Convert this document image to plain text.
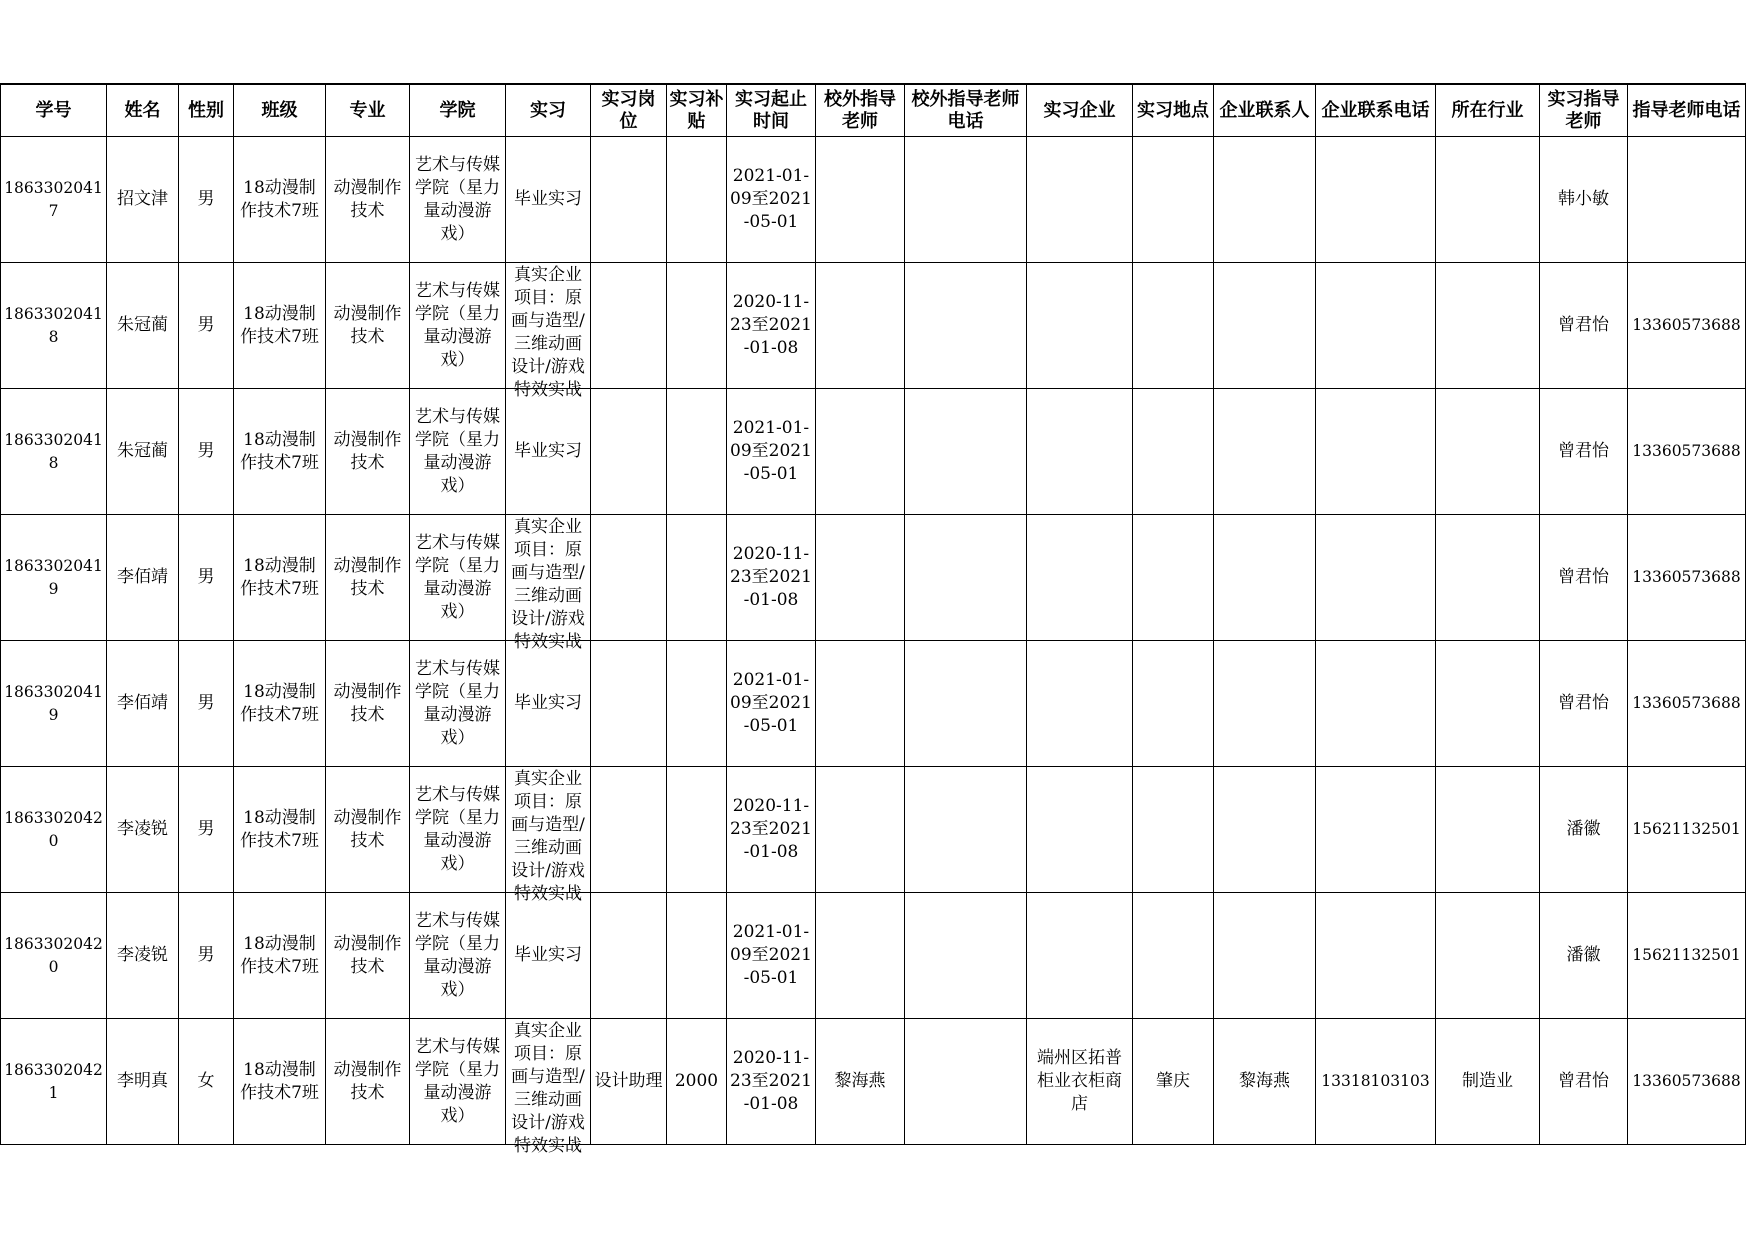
学号	姓名	性别	班级	专业	学院	实习	实习岗位	实习补贴	实习起止时间	校外指导老师	校外指导老师电话	实习企业	实习地点	企业联系人	企业联系电话	所在行业	实习指导老师	指导老师电话

18633020417	招文津	男	18动漫制作技术7班	动漫制作技术	艺术与传媒学院（星力量动漫游戏）	毕业实习			2021-01-09至2021-05-01								韩小敏	

18633020418	朱冠蔺	男	18动漫制作技术7班	动漫制作技术	艺术与传媒学院（星力量动漫游戏）	真实企业项目：原画与造型/三维动画设计/游戏特效实战			2020-11-23至2021-01-08								曾君怡	13360573688

18633020418	朱冠蔺	男	18动漫制作技术7班	动漫制作技术	艺术与传媒学院（星力量动漫游戏）	毕业实习			2021-01-09至2021-05-01								曾君怡	13360573688

18633020419	李佰靖	男	18动漫制作技术7班	动漫制作技术	艺术与传媒学院（星力量动漫游戏）	真实企业项目：原画与造型/三维动画设计/游戏特效实战			2020-11-23至2021-01-08								曾君怡	13360573688

18633020419	李佰靖	男	18动漫制作技术7班	动漫制作技术	艺术与传媒学院（星力量动漫游戏）	毕业实习			2021-01-09至2021-05-01								曾君怡	13360573688

18633020420	李凌锐	男	18动漫制作技术7班	动漫制作技术	艺术与传媒学院（星力量动漫游戏）	真实企业项目：原画与造型/三维动画设计/游戏特效实战			2020-11-23至2021-01-08								潘徽	15621132501

18633020420	李凌锐	男	18动漫制作技术7班	动漫制作技术	艺术与传媒学院（星力量动漫游戏）	毕业实习			2021-01-09至2021-05-01								潘徽	15621132501

18633020421	李明真	女	18动漫制作技术7班	动漫制作技术	艺术与传媒学院（星力量动漫游戏）	真实企业项目：原画与造型/三维动画设计/游戏特效实战	设计助理	2000	2020-11-23至2021-01-08	黎海燕		端州区拓普柜业衣柜商店	肇庆	黎海燕	13318103103	制造业	曾君怡	13360573688
